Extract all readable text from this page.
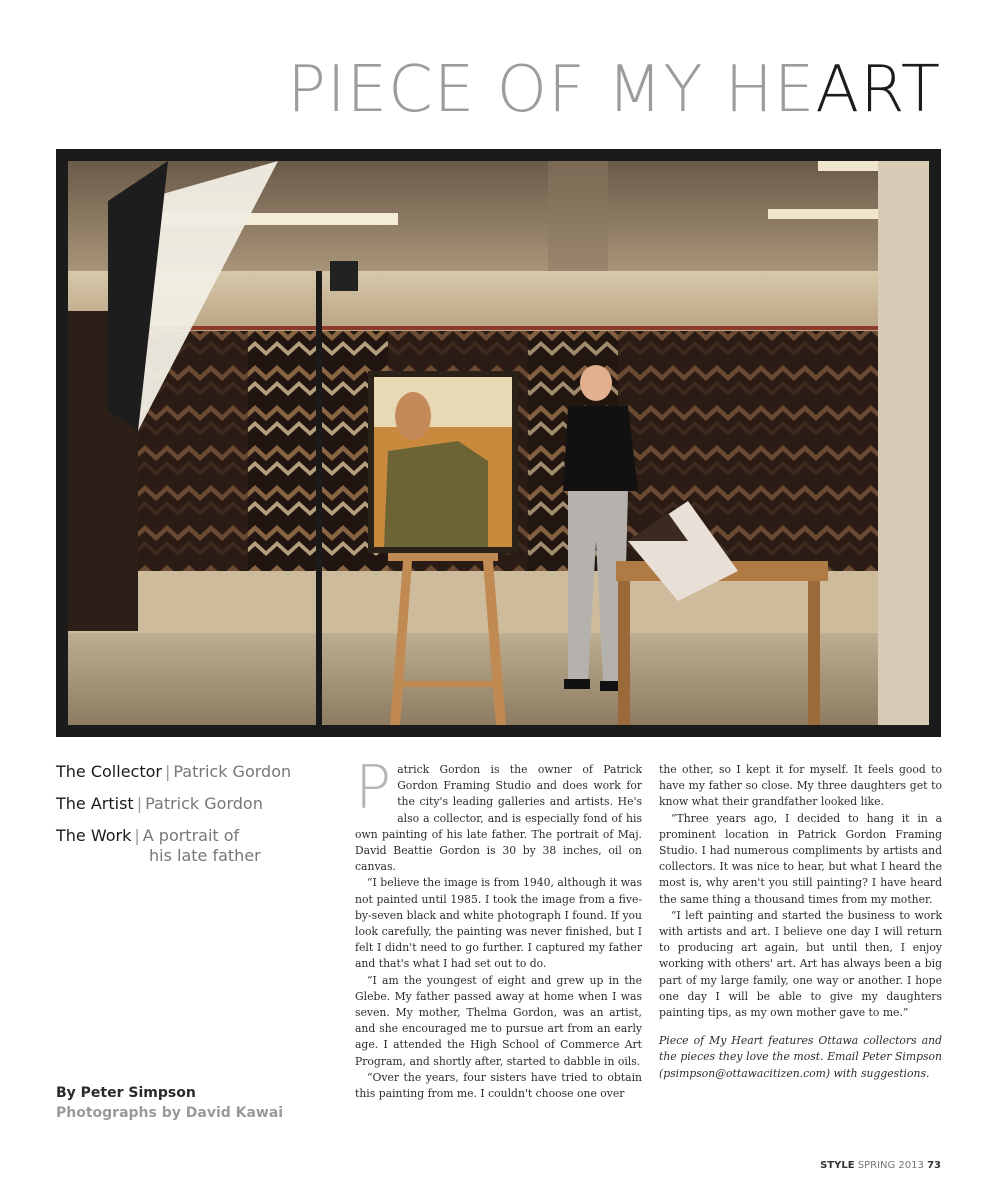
PIECE OF MY HEART
The Collector | Patrick Gordon
The Artist | Patrick Gordon
The Work | A portrait of
his late father
By Peter Simpson
Photographs by David Kawai

Patrick Gordon is the owner of Patrick Gordon Framing Studio and does work for the city's leading galleries and artists. He's also a collector, and is especially fond of his own painting of his late father. The portrait of Maj. David Beattie Gordon is 30 by 38 inches, oil on canvas.

“I believe the image is from 1940, although it was not painted until 1985. I took the image from a five-by-seven black and white photograph I found. If you look carefully, the painting was never finished, but I felt I didn't need to go further. I captured my father and that's what I had set out to do.

“I am the youngest of eight and grew up in the Glebe. My father passed away at home when I was seven. My mother, Thelma Gordon, was an artist, and she encouraged me to pursue art from an early age. I attended the High School of Commerce Art Program, and shortly after, started to dabble in oils.

“Over the years, four sisters have tried to obtain this painting from me. I couldn't choose one over

the other, so I kept it for myself. It feels good to have my father so close. My three daughters get to know what their grandfather looked like.

“Three years ago, I decided to hang it in a prominent location in Patrick Gordon Framing Studio. I had numerous compliments by artists and collectors. It was nice to hear, but what I heard the most is, why aren't you still painting? I have heard the same thing a thousand times from my mother.

“I left painting and started the business to work with artists and art. I believe one day I will return to producing art again, but until then, I enjoy working with others' art. Art has always been a big part of my large family, one way or another. I hope one day I will be able to give my daughters painting tips, as my own mother gave to me.”

Piece of My Heart features Ottawa collectors and the pieces they love the most. Email Peter Simpson (psimpson@ottawacitizen.com) with suggestions.

STYLE SPRING 2013 73
